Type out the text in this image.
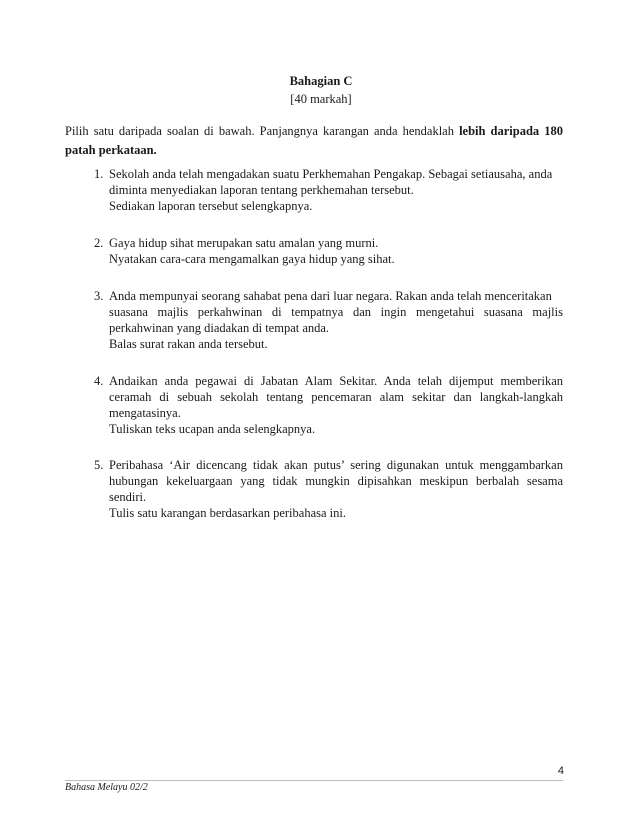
Bahagian C
[40 markah]
Pilih satu daripada soalan di bawah. Panjangnya karangan anda hendaklah lebih daripada 180 patah perkataan.
1. Sekolah anda telah mengadakan suatu Perkhemahan Pengakap. Sebagai setiausaha, anda
diminta menyediakan laporan tentang perkhemahan tersebut.
Sediakan laporan tersebut selengkapnya.
2. Gaya hidup sihat merupakan satu amalan yang murni.
Nyatakan cara-cara mengamalkan gaya hidup yang sihat.
3. Anda mempunyai seorang sahabat pena dari luar negara. Rakan anda telah menceritakan
suasana majlis perkahwinan di tempatnya dan ingin mengetahui suasana majlis
perkahwinan yang diadakan di tempat anda.
Balas surat rakan anda tersebut.
4. Andaikan anda pegawai di Jabatan Alam Sekitar. Anda telah dijemput memberikan
ceramah di sebuah sekolah tentang pencemaran alam sekitar dan langkah-langkah
mengatasinya.
Tuliskan teks ucapan anda selengkapnya.
5. Peribahasa ‘Air dicencang tidak akan putus’ sering digunakan untuk menggambarkan
hubungan kekeluargaan yang tidak mungkin dipisahkan meskipun berbalah sesama
sendiri.
Tulis satu karangan berdasarkan peribahasa ini.
4
Bahasa Melayu 02/2
